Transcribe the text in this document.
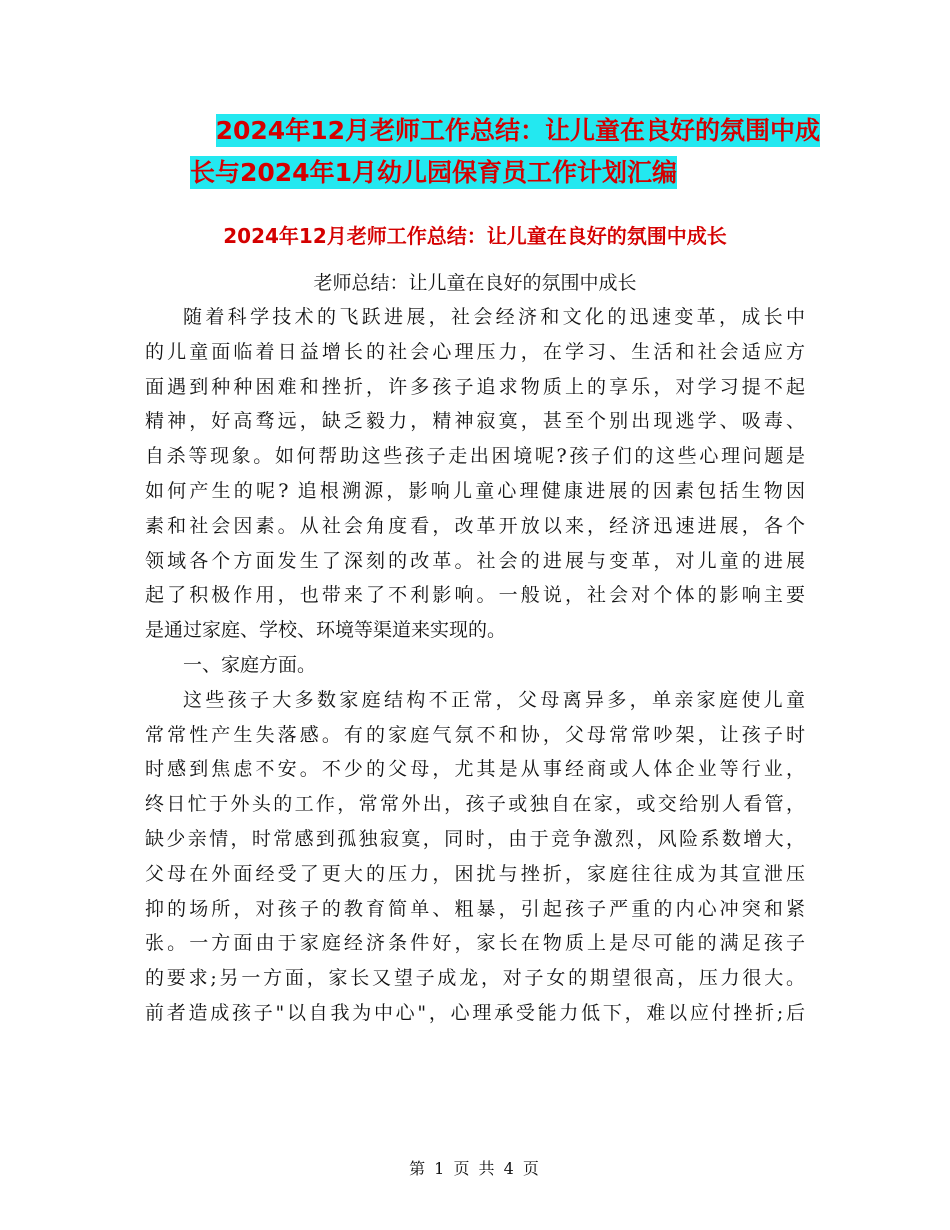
2024年12月老师工作总结：让儿童在良好的氛围中成
长与2024年1月幼儿园保育员工作计划汇编
2024年12月老师工作总结：让儿童在良好的氛围中成长
老师总结：让儿童在良好的氛围中成长
随着科学技术的飞跃进展，社会经济和文化的迅速变革，成长中
的儿童面临着日益增长的社会心理压力，在学习、生活和社会适应方
面遇到种种困难和挫折，许多孩子追求物质上的享乐，对学习提不起
精神，好高骛远，缺乏毅力，精神寂寞，甚至个别出现逃学、吸毒、
自杀等现象。如何帮助这些孩子走出困境呢?孩子们的这些心理问题是
如何产生的呢? 追根溯源，影响儿童心理健康进展的因素包括生物因
素和社会因素。从社会角度看，改革开放以来，经济迅速进展，各个
领域各个方面发生了深刻的改革。社会的进展与变革，对儿童的进展
起了积极作用，也带来了不利影响。一般说，社会对个体的影响主要
是通过家庭、学校、环境等渠道来实现的。
一、家庭方面。
这些孩子大多数家庭结构不正常，父母离异多，单亲家庭使儿童
常常性产生失落感。有的家庭气氛不和协，父母常常吵架，让孩子时
时感到焦虑不安。不少的父母，尤其是从事经商或人体企业等行业，
终日忙于外头的工作，常常外出，孩子或独自在家，或交给别人看管，
缺少亲情，时常感到孤独寂寞，同时，由于竞争激烈，风险系数增大，
父母在外面经受了更大的压力，困扰与挫折，家庭往往成为其宣泄压
抑的场所，对孩子的教育简单、粗暴，引起孩子严重的内心冲突和紧
张。一方面由于家庭经济条件好，家长在物质上是尽可能的满足孩子
的要求;另一方面，家长又望子成龙，对子女的期望很高，压力很大。
前者造成孩子"以自我为中心"，心理承受能力低下，难以应付挫折;后
第 1 页 共 4 页
